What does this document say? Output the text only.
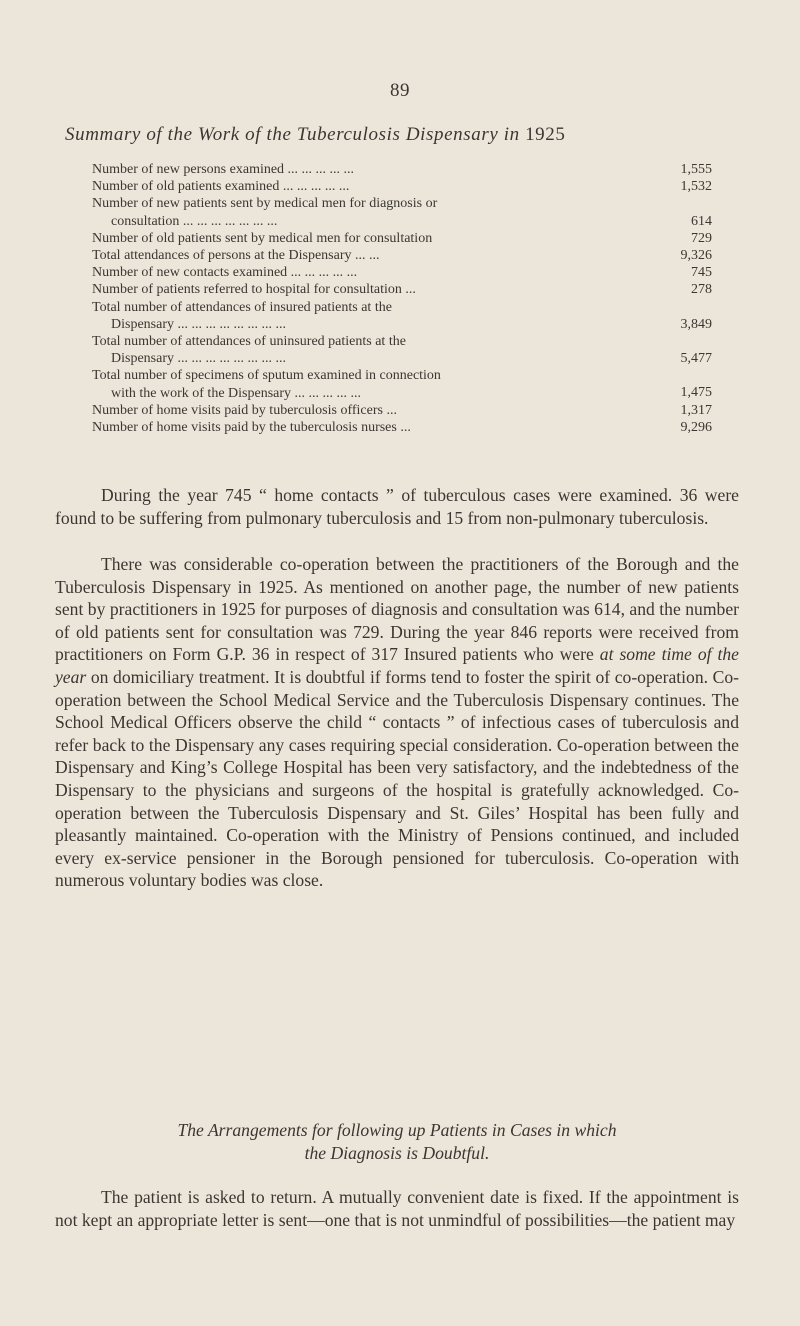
89
Summary of the Work of the Tuberculosis Dispensary in 1925
Number of new persons examined ... ... ... ... ...	1,555
Number of old patients examined ... ... ... ... ...	1,532
Number of new patients sent by medical men for diagnosis or
consultation ... ... ... ... ... ... ...	614
Number of old patients sent by medical men for consultation	729
Total attendances of persons at the Dispensary ... ...	9,326
Number of new contacts examined ... ... ... ... ...	745
Number of patients referred to hospital for consultation ...	278
Total number of attendances of insured patients at the
Dispensary ... ... ... ... ... ... ... ...	3,849
Total number of attendances of uninsured patients at the
Dispensary ... ... ... ... ... ... ... ...	5,477
Total number of specimens of sputum examined in connection
with the work of the Dispensary ... ... ... ... ...	1,475
Number of home visits paid by tuberculosis officers ...	1,317
Number of home visits paid by the tuberculosis nurses ...	9,296

During the year 745 “ home contacts ” of tuberculous cases were examined. 36 were found to be suffering from pulmonary tuberculosis and 15 from non-pulmonary tuberculosis.

There was considerable co-operation between the practitioners of the Borough and the Tuberculosis Dispensary in 1925. As mentioned on another page, the number of new patients sent by practitioners in 1925 for purposes of diagnosis and consultation was 614, and the number of old patients sent for consultation was 729. During the year 846 reports were received from practitioners on Form G.P. 36 in respect of 317 Insured patients who were at some time of the year on domiciliary treatment. It is doubtful if forms tend to foster the spirit of co-operation. Co-operation between the School Medical Service and the Tuberculosis Dispensary continues. The School Medical Officers observe the child “ contacts ” of infectious cases of tuberculosis and refer back to the Dispensary any cases requiring special consideration. Co-operation between the Dispensary and King’s College Hospital has been very satisfactory, and the indebtedness of the Dispensary to the physicians and surgeons of the hospital is gratefully acknowledged. Co-operation between the Tuberculosis Dispensary and St. Giles’ Hospital has been fully and pleasantly maintained. Co-operation with the Ministry of Pensions continued, and included every ex-service pensioner in the Borough pensioned for tuberculosis. Co-operation with numerous voluntary bodies was close.

The Arrangements for following up Patients in Cases in which
the Diagnosis is Doubtful.

The patient is asked to return. A mutually convenient date is fixed. If the appointment is not kept an appropriate letter is sent—one that is not unmindful of possibilities—the patient may
